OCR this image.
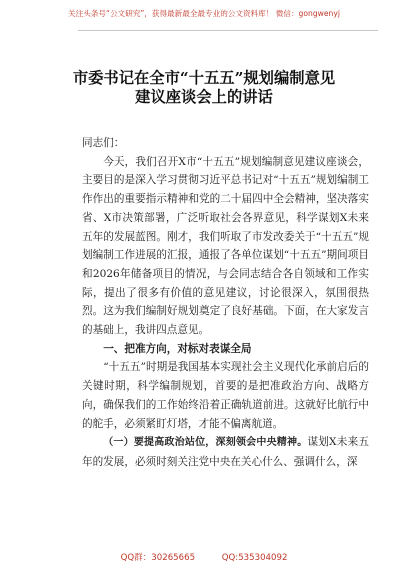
关注头条号“公文研究”，获得最新最全最专业的公文资料库！ 微信：gongwenyj
市委书记在全市“十五五”规划编制意见
建议座谈会上的讲话

同志们：

今天，我们召开X市“十五五”规划编制意见建议座谈会，主要目的是深入学习贯彻习近平总书记对“十五五”规划编制工作作出的重要指示精神和党的二十届四中全会精神，坚决落实省、X市决策部署，广泛听取社会各界意见，科学谋划X未来五年的发展蓝图。刚才，我们听取了市发改委关于“十五五”规划编制工作进展的汇报，通报了各单位谋划“十五五”期间项目和2026年储备项目的情况，与会同志结合各自领域和工作实际，提出了很多有价值的意见建议，讨论很深入，氛围很热烈。这为我们编制好规划奠定了良好基础。下面，在大家发言的基础上，我讲四点意见。

一、把准方向，对标对表谋全局

“十五五”时期是我国基本实现社会主义现代化承前启后的关键时期，科学编制规划，首要的是把准政治方向、战略方向，确保我们的工作始终沿着正确轨道前进。这就好比航行中的舵手，必须紧盯灯塔，才能不偏离航道。

（一）要提高政治站位，深刻领会中央精神。谋划X未来五年的发展，必须时刻关注党中央在关心什么、强调什么，深

QQ群：30265665	QQ:535304092
